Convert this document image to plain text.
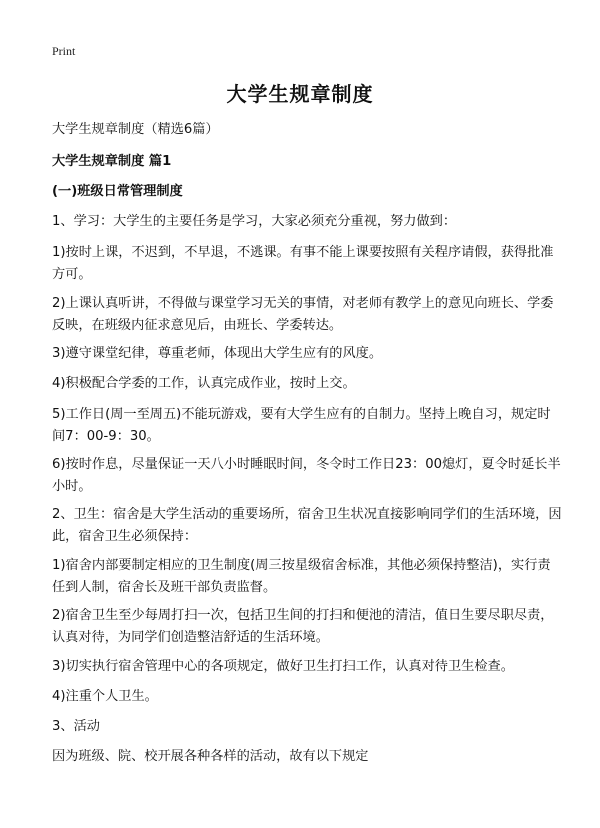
Print
大学生规章制度
大学生规章制度（精选6篇）
大学生规章制度 篇1
(一)班级日常管理制度
1、学习：大学生的主要任务是学习，大家必须充分重视，努力做到：
1)按时上课，不迟到，不早退，不逃课。有事不能上课要按照有关程序请假，获得批准方可。
2)上课认真听讲，不得做与课堂学习无关的事情，对老师有教学上的意见向班长、学委反映，在班级内征求意见后，由班长、学委转达。
3)遵守课堂纪律，尊重老师，体现出大学生应有的风度。
4)积极配合学委的工作，认真完成作业，按时上交。
5)工作日(周一至周五)不能玩游戏，要有大学生应有的自制力。坚持上晚自习，规定时间7：00-9：30。
6)按时作息，尽量保证一天八小时睡眠时间，冬令时工作日23：00熄灯，夏令时延长半小时。
2、卫生：宿舍是大学生活动的重要场所，宿舍卫生状况直接影响同学们的生活环境，因此，宿舍卫生必须保持：
1)宿舍内部要制定相应的卫生制度(周三按星级宿舍标准，其他必须保持整洁)，实行责任到人制，宿舍长及班干部负责监督。
2)宿舍卫生至少每周打扫一次，包括卫生间的打扫和便池的清洁，值日生要尽职尽责，认真对待，为同学们创造整洁舒适的生活环境。
3)切实执行宿舍管理中心的各项规定，做好卫生打扫工作，认真对待卫生检查。
4)注重个人卫生。
3、活动
因为班级、院、校开展各种各样的活动，故有以下规定
